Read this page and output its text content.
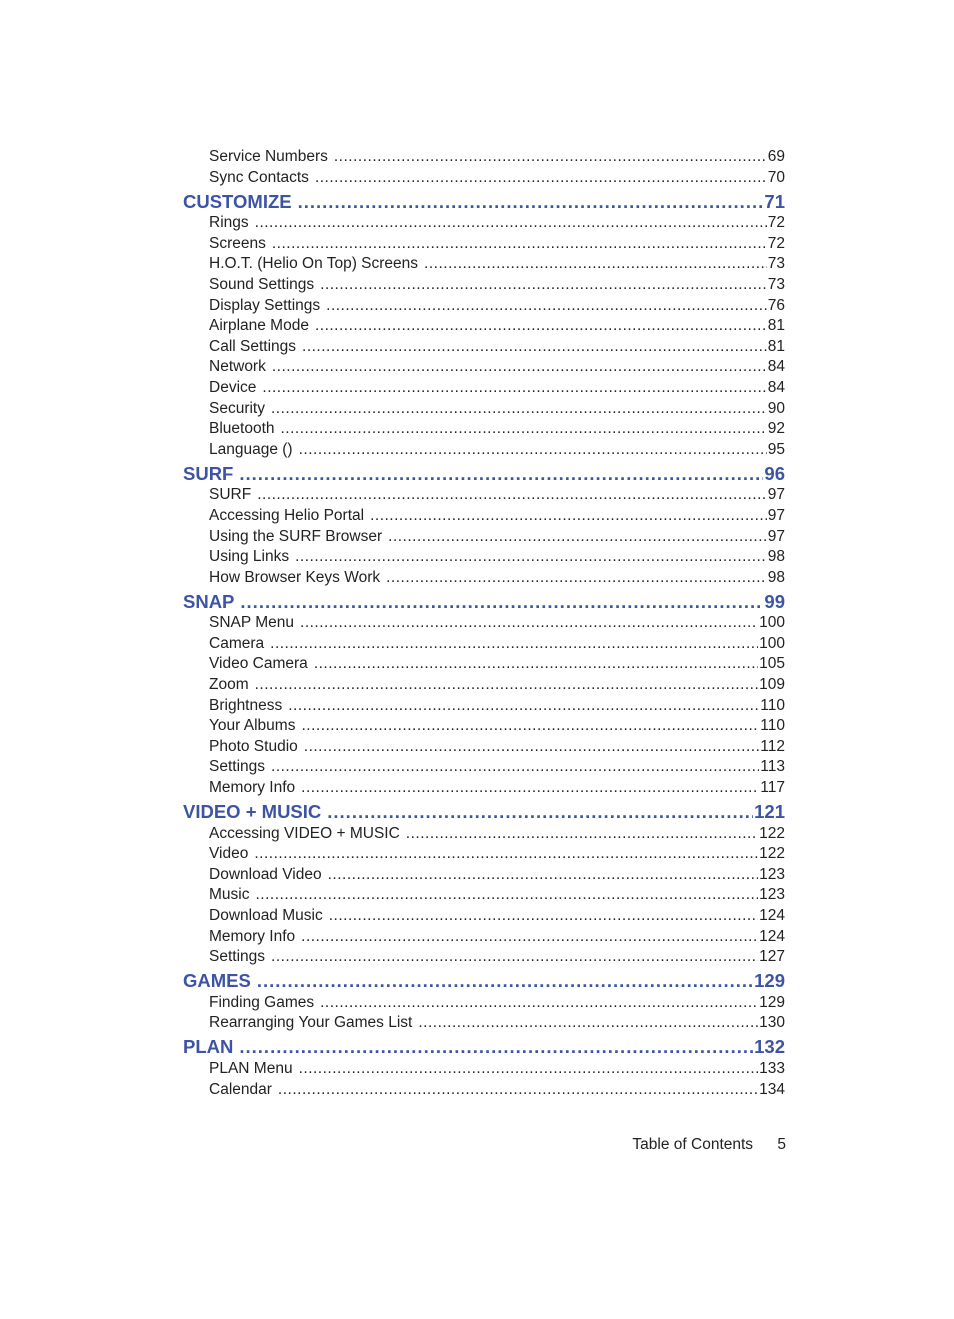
Service Numbers .....	69
Sync Contacts .....	70
CUSTOMIZE .....	71
Rings .....	72
Screens .....	72
H.O.T. (Helio On Top) Screens .....	73
Sound Settings .....	73
Display Settings .....	76
Airplane Mode .....	81
Call Settings .....	81
Network .....	84
Device .....	84
Security .....	90
Bluetooth .....	92
Language () .....	95
SURF .....	96
SURF .....	97
Accessing Helio Portal .....	97
Using the SURF Browser .....	97
Using Links .....	98
How Browser Keys Work .....	98
SNAP .....	99
SNAP Menu .....	100
Camera .....	100
Video Camera .....	105
Zoom .....	109
Brightness .....	110
Your Albums .....	110
Photo Studio .....	112
Settings .....	113
Memory Info .....	117
VIDEO + MUSIC .....	121
Accessing VIDEO + MUSIC .....	122
Video .....	122
Download Video .....	123
Music .....	123
Download Music .....	124
Memory Info .....	124
Settings .....	127
GAMES .....	129
Finding Games .....	129
Rearranging Your Games List .....	130
PLAN .....	132
PLAN Menu .....	133
Calendar .....	134
Table of Contents 5
